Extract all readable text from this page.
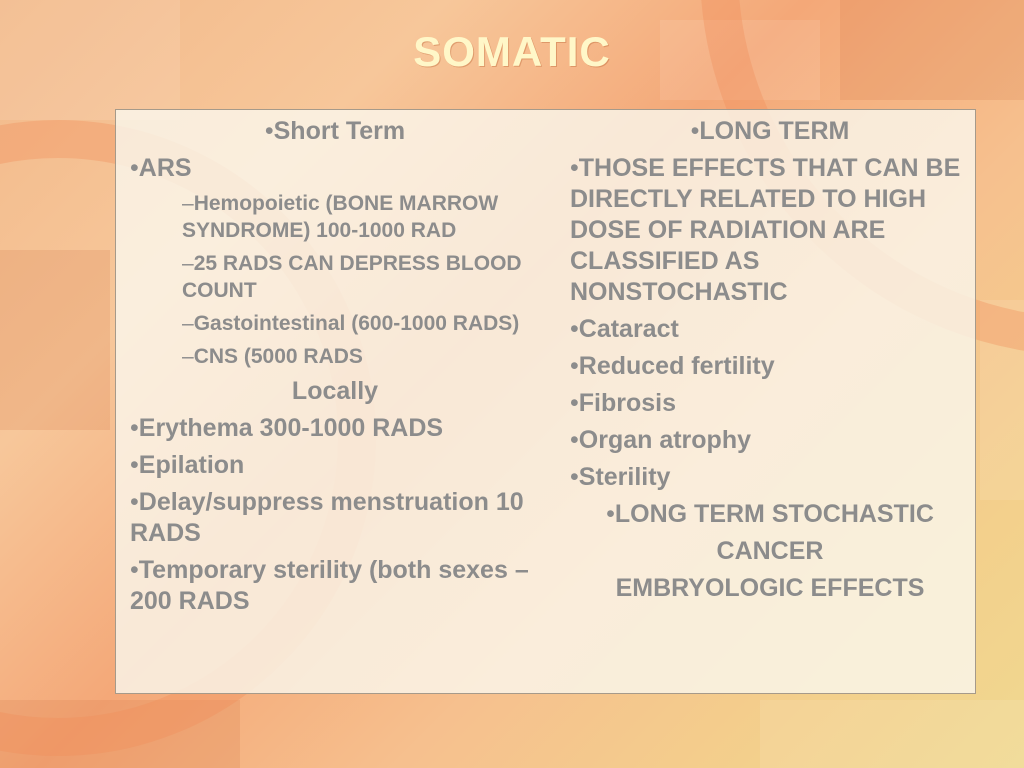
SOMATIC
•Short Term
•ARS
–Hemopoietic (BONE MARROW SYNDROME) 100-1000 RAD
–25 RADS CAN DEPRESS BLOOD COUNT
–Gastointestinal (600-1000 RADS)
–CNS (5000 RADS
Locally
•Erythema 300-1000 RADS
•Epilation
•Delay/suppress menstruation 10 RADS
•Temporary sterility (both sexes – 200 RADS
•LONG TERM
•THOSE EFFECTS THAT CAN BE DIRECTLY RELATED TO HIGH DOSE OF RADIATION ARE CLASSIFIED AS NONSTOCHASTIC
•Cataract
•Reduced fertility
•Fibrosis
•Organ atrophy
•Sterility
•LONG TERM STOCHASTIC
CANCER
EMBRYOLOGIC EFFECTS
